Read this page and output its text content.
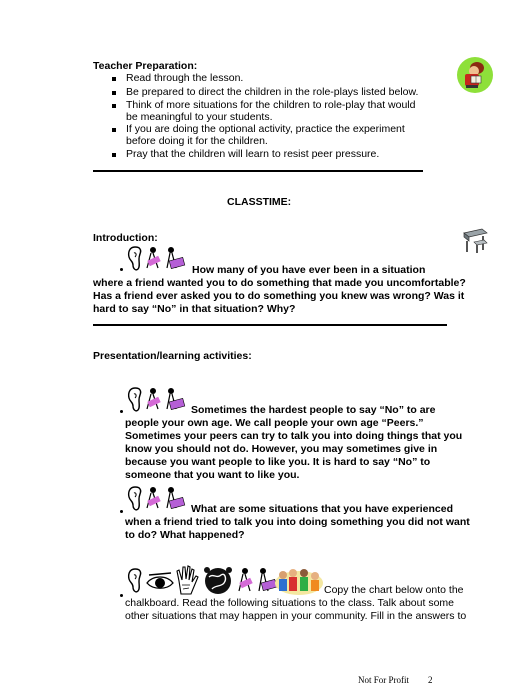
Teacher Preparation:
Read through the lesson.
Be prepared to direct the children in the role-plays listed below.
Think of more situations for the children to role-play that would
be meaningful to your students.
If you are doing the optional activity, practice the experiment
before doing it for the children.
Pray that the children will learn to resist peer pressure.
CLASSTIME:
Introduction:
How many of you have ever been in a situation
where a friend wanted you to do something that made you uncomfortable?
Has a friend ever asked you to do something you knew was wrong? Was it
hard to say “No” in that situation? Why?
Presentation/learning activities:
Sometimes the hardest people to say “No” to are
people your own age. We call people your own age “Peers.”
Sometimes your peers can try to talk you into doing things that you
know you should not do. However, you may sometimes give in
because you want people to like you. It is hard to say “No” to
someone that you want to like you.
What are some situations that you have experienced
when a friend tried to talk you into doing something you did not want
to do? What happened?
Copy the chart below onto the
chalkboard. Read the following situations to the class. Talk about some
other situations that may happen in your community. Fill in the answers to
Not For Profit 2
